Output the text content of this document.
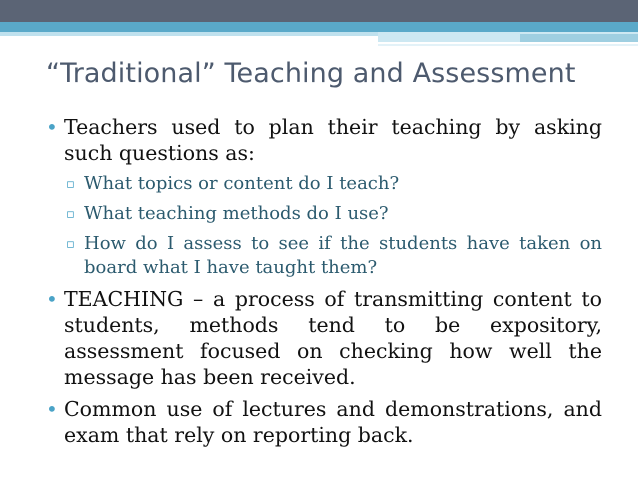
“Traditional” Teaching and Assessment
• Teachers used to plan their teaching by asking such questions as:
▫ What topics or content do I teach?
▫ What teaching methods do I use?
▫ How do I assess to see if the students have taken on board what I have taught them?
• TEACHING – a process of transmitting content to students, methods tend to be expository, assessment focused on checking how well the message has been received.
• Common use of lectures and demonstrations, and exam that rely on reporting back.
